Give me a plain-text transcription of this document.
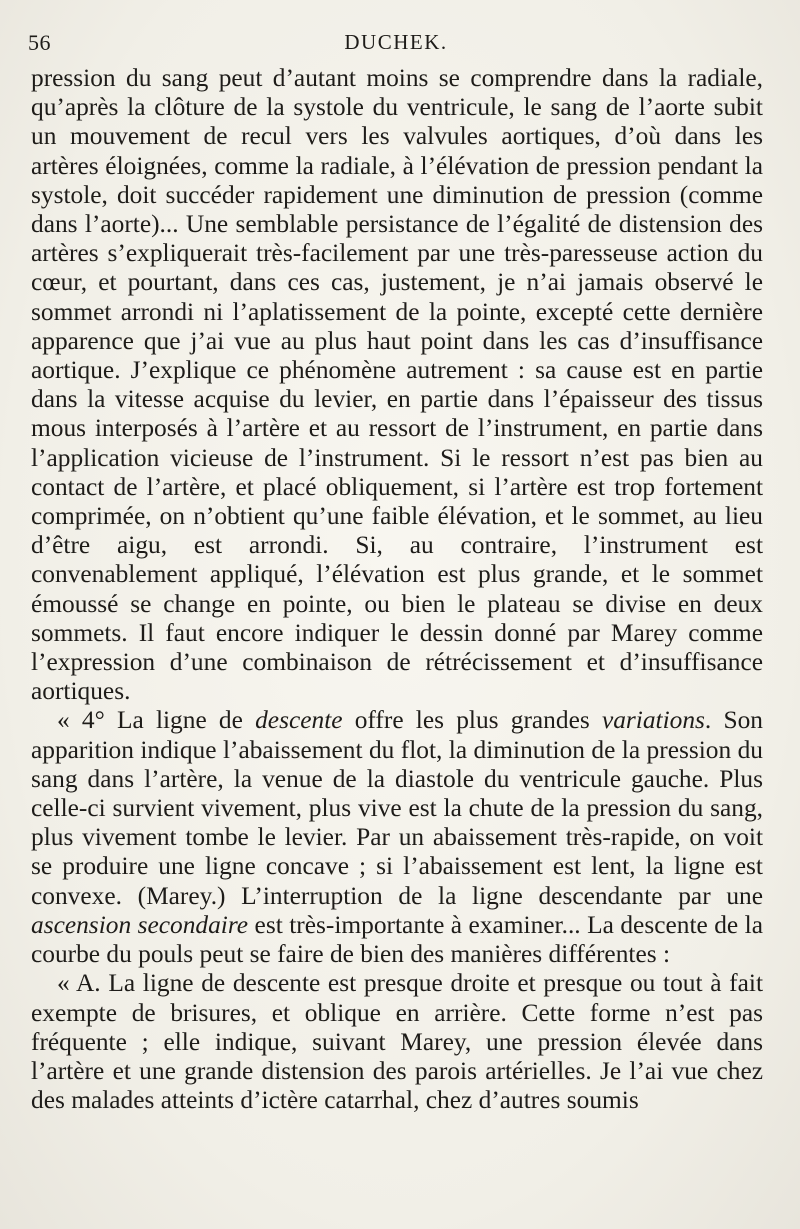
56	DUCHEK.

pression du sang peut d’autant moins se comprendre dans la radiale, qu’après la clôture de la systole du ventricule, le sang de l’aorte subit un mouvement de recul vers les valvules aortiques, d’où dans les artères éloignées, comme la radiale, à l’élévation de pression pendant la systole, doit succéder rapidement une diminution de pression (comme dans l’aorte)... Une semblable persistance de l’égalité de distension des artères s’expliquerait très-facilement par une très-paresseuse action du cœur, et pourtant, dans ces cas, justement, je n’ai jamais observé le sommet arrondi ni l’aplatissement de la pointe, excepté cette dernière apparence que j’ai vue au plus haut point dans les cas d’insuffisance aortique. J’explique ce phénomène autrement : sa cause est en partie dans la vitesse acquise du levier, en partie dans l’épaisseur des tissus mous interposés à l’artère et au ressort de l’instrument, en partie dans l’application vicieuse de l’instrument. Si le ressort n’est pas bien au contact de l’artère, et placé obliquement, si l’artère est trop fortement comprimée, on n’obtient qu’une faible élévation, et le sommet, au lieu d’être aigu, est arrondi. Si, au contraire, l’instrument est convenablement appliqué, l’élévation est plus grande, et le sommet émoussé se change en pointe, ou bien le plateau se divise en deux sommets. Il faut encore indiquer le dessin donné par Marey comme l’expression d’une combinaison de rétrécissement et d’insuffisance aortiques.

« 4° La ligne de descente offre les plus grandes variations. Son apparition indique l’abaissement du flot, la diminution de la pression du sang dans l’artère, la venue de la diastole du ventricule gauche. Plus celle-ci survient vivement, plus vive est la chute de la pression du sang, plus vivement tombe le levier. Par un abaissement très-rapide, on voit se produire une ligne concave ; si l’abaissement est lent, la ligne est convexe. (Marey.) L’interruption de la ligne descendante par une ascension secondaire est très-importante à examiner... La descente de la courbe du pouls peut se faire de bien des manières différentes :

« A. La ligne de descente est presque droite et presque ou tout à fait exempte de brisures, et oblique en arrière. Cette forme n’est pas fréquente ; elle indique, suivant Marey, une pression élevée dans l’artère et une grande distension des parois artérielles. Je l’ai vue chez des malades atteints d’ictère catarrhal, chez d’autres soumis
